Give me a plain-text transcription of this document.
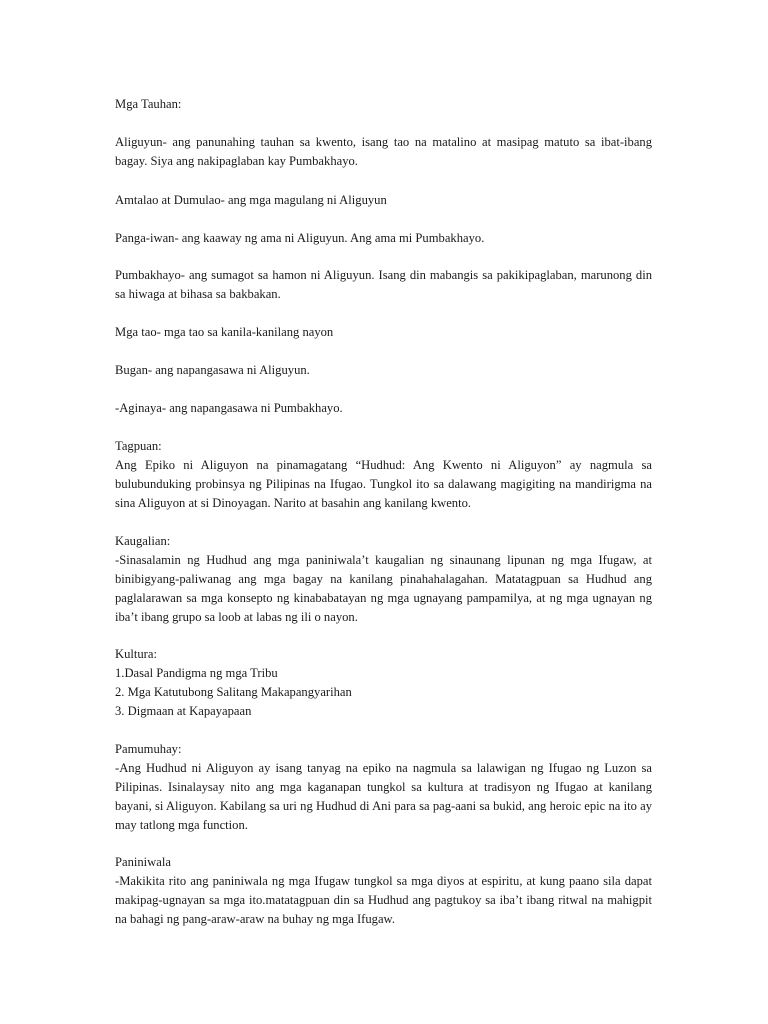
Mga Tauhan:

Aliguyun- ang panunahing tauhan sa kwento, isang tao na matalino at masipag matuto sa ibat-ibang bagay. Siya ang nakipaglaban kay Pumbakhayo.

Amtalao at Dumulao- ang mga magulang ni Aliguyun

Panga-iwan- ang kaaway ng ama ni Aliguyun. Ang ama mi Pumbakhayo.

Pumbakhayo- ang sumagot sa hamon ni Aliguyun. Isang din mabangis sa pakikipaglaban, marunong din sa hiwaga at bihasa sa bakbakan.

Mga tao- mga tao sa kanila-kanilang nayon

Bugan- ang napangasawa ni Aliguyun.

-Aginaya- ang napangasawa ni Pumbakhayo.

Tagpuan:

Ang Epiko ni Aliguyon na pinamagatang “Hudhud: Ang Kwento ni Aliguyon” ay nagmula sa bulubunduking probinsya ng Pilipinas na Ifugao. Tungkol ito sa dalawang magigiting na mandirigma na sina Aliguyon at si Dinoyagan. Narito at basahin ang kanilang kwento.

Kaugalian:

-Sinasalamin ng Hudhud ang mga paniniwala’t kaugalian ng sinaunang lipunan ng mga Ifugaw, at binibigyang-paliwanag ang mga bagay na kanilang pinahahalagahan. Matatagpuan sa Hudhud ang paglalarawan sa mga konsepto ng kinababatayan ng mga ugnayang pampamilya, at ng mga ugnayan ng iba’t ibang grupo sa loob at labas ng ili o nayon.

Kultura:

1.Dasal Pandigma ng mga Tribu
2. Mga Katutubong Salitang Makapangyarihan
3. Digmaan at Kapayapaan

Pamumuhay:

-Ang Hudhud ni Aliguyon ay isang tanyag na epiko na nagmula sa lalawigan ng Ifugao ng Luzon sa Pilipinas. Isinalaysay nito ang mga kaganapan tungkol sa kultura at tradisyon ng Ifugao at kanilang bayani, si Aliguyon. Kabilang sa uri ng Hudhud di Ani para sa pag-aani sa bukid, ang heroic epic na ito ay may tatlong mga function.

Paniniwala

-Makikita rito ang paniniwala ng mga Ifugaw tungkol sa mga diyos at espiritu, at kung paano sila dapat makipag-ugnayan sa mga ito.matatagpuan din sa Hudhud ang pagtukoy sa iba’t ibang ritwal na mahigpit na bahagi ng pang-araw-araw na buhay ng mga Ifugaw.
